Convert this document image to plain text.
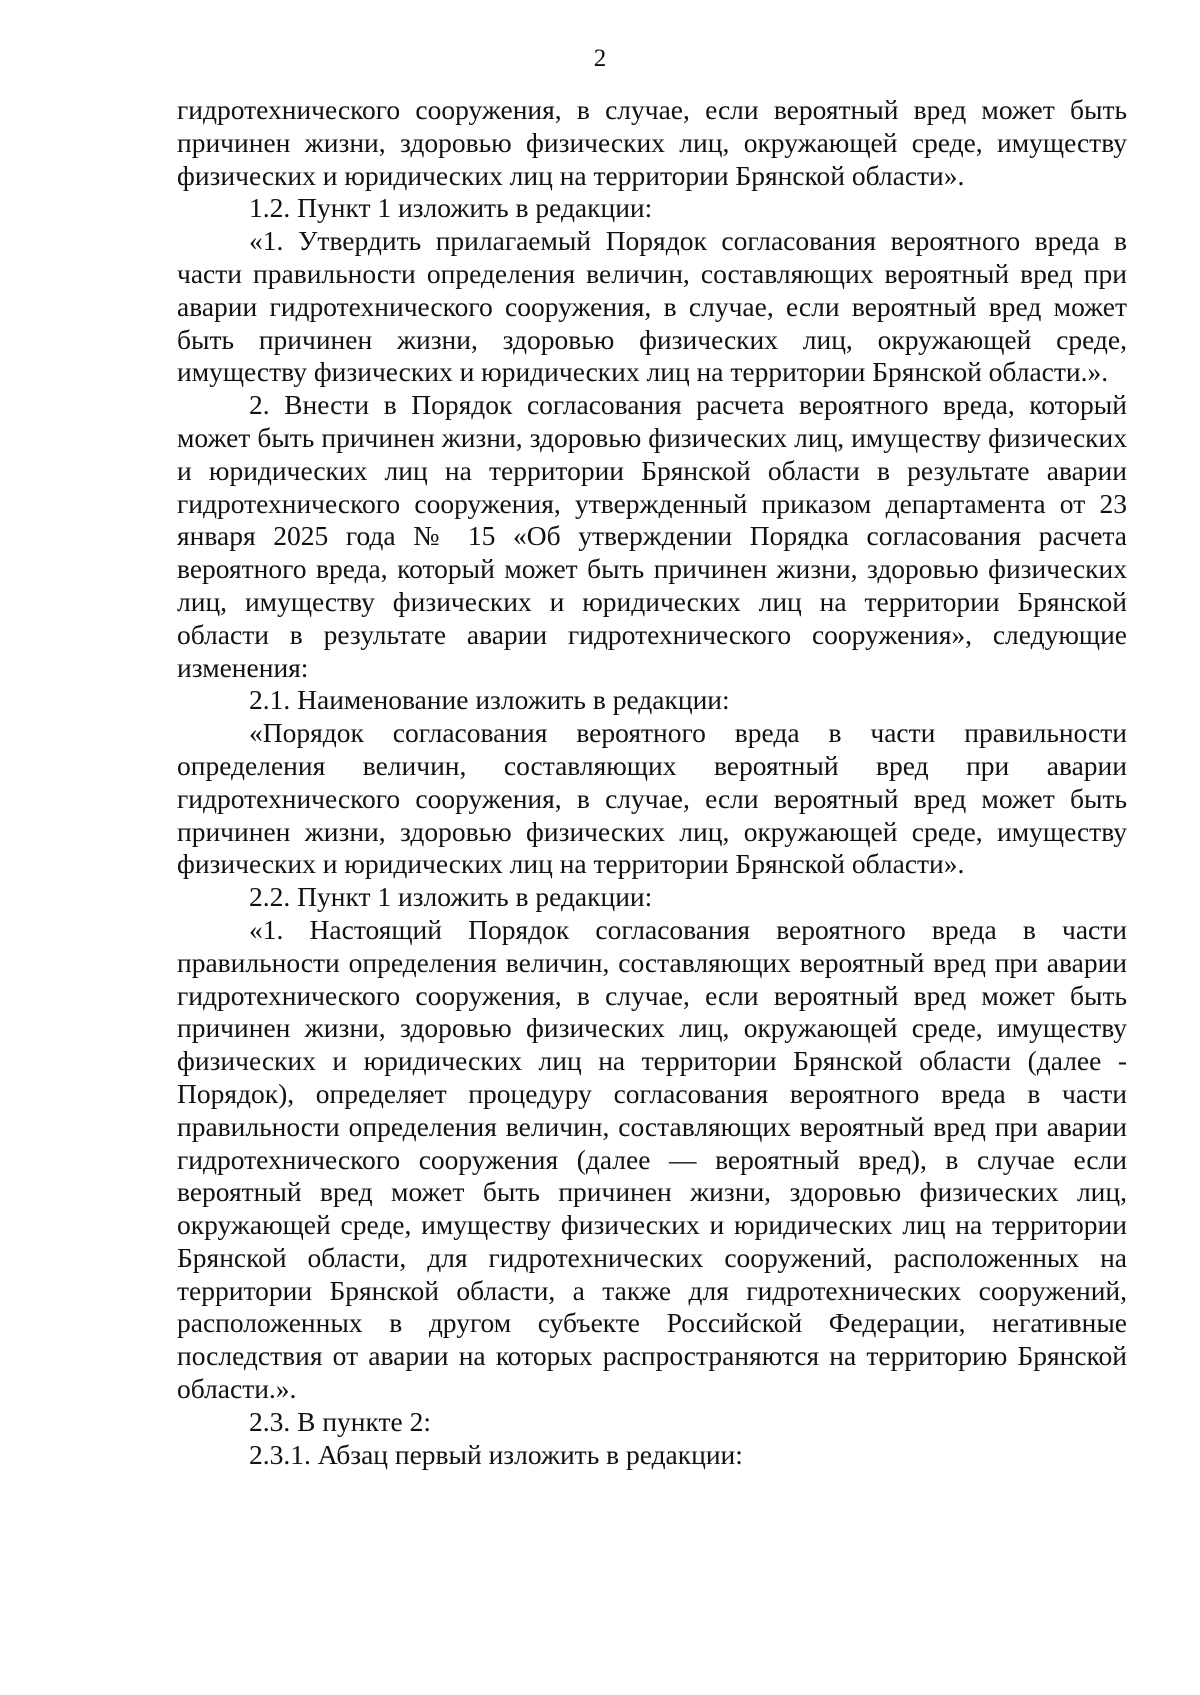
2

гидротехнического сооружения, в случае, если вероятный вред может быть причинен жизни, здоровью физических лиц, окружающей среде, имуществу физических и юридических лиц на территории Брянской области».

1.2. Пункт 1 изложить в редакции:

«1. Утвердить прилагаемый Порядок согласования вероятного вреда в части правильности определения величин, составляющих вероятный вред при аварии гидротехнического сооружения, в случае, если вероятный вред может быть причинен жизни, здоровью физических лиц, окружающей среде, имуществу физических и юридических лиц на территории Брянской области.».

2. Внести в Порядок согласования расчета вероятного вреда, который может быть причинен жизни, здоровью физических лиц, имуществу физических и юридических лиц на территории Брянской области в результате аварии гидротехнического сооружения, утвержденный приказом департамента от 23 января 2025 года № 15 «Об утверждении Порядка согласования расчета вероятного вреда, который может быть причинен жизни, здоровью физических лиц, имуществу физических и юридических лиц на территории Брянской области в результате аварии гидротехнического сооружения», следующие изменения:

2.1. Наименование изложить в редакции:

«Порядок согласования вероятного вреда в части правильности определения величин, составляющих вероятный вред при аварии гидротехнического сооружения, в случае, если вероятный вред может быть причинен жизни, здоровью физических лиц, окружающей среде, имуществу физических и юридических лиц на территории Брянской области».

2.2. Пункт 1 изложить в редакции:

«1. Настоящий Порядок согласования вероятного вреда в части правильности определения величин, составляющих вероятный вред при аварии гидротехнического сооружения, в случае, если вероятный вред может быть причинен жизни, здоровью физических лиц, окружающей среде, имуществу физических и юридических лиц на территории Брянской области (далее - Порядок), определяет процедуру согласования вероятного вреда в части правильности определения величин, составляющих вероятный вред при аварии гидротехнического сооружения (далее — вероятный вред), в случае если вероятный вред может быть причинен жизни, здоровью физических лиц, окружающей среде, имуществу физических и юридических лиц на территории Брянской области, для гидротехнических сооружений, расположенных на территории Брянской области, а также для гидротехнических сооружений, расположенных в другом субъекте Российской Федерации, негативные последствия от аварии на которых распространяются на территорию Брянской области.».

2.3. В пункте 2:

2.3.1. Абзац первый изложить в редакции:
